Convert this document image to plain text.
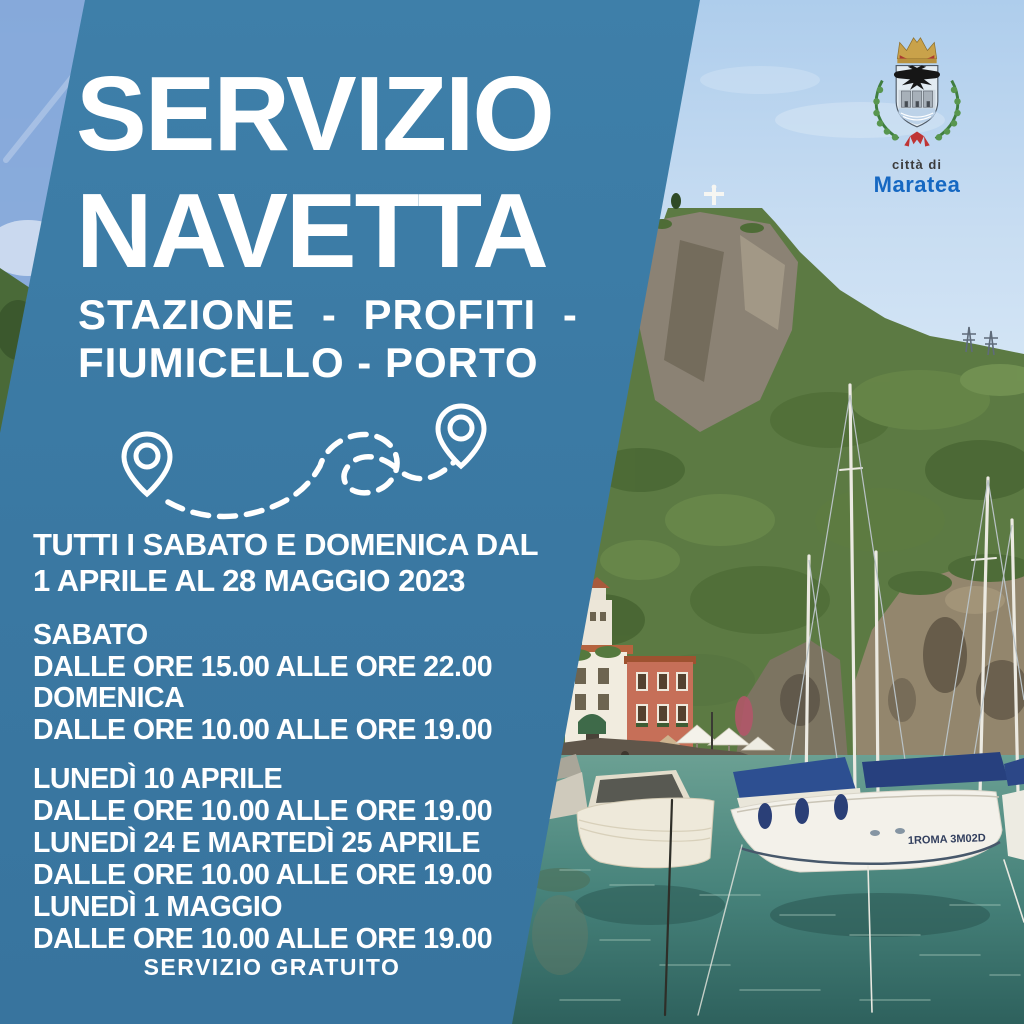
1ROMA 3M02D
città di
Maratea
SERVIZIO
NAVETTA
STAZIONE - PROFITI -
FIUMICELLO - PORTO
TUTTI I SABATO E DOMENICA DAL
1 APRILE AL 28 MAGGIO 2023
SABATO
DALLE ORE 15.00 ALLE ORE 22.00
DOMENICA
DALLE ORE 10.00 ALLE ORE 19.00
LUNEDÌ 10 APRILE
DALLE ORE 10.00 ALLE ORE 19.00
LUNEDÌ 24 E MARTEDÌ 25 APRILE
DALLE ORE 10.00 ALLE ORE 19.00
LUNEDÌ 1 MAGGIO
DALLE ORE 10.00 ALLE ORE 19.00
SERVIZIO GRATUITO
